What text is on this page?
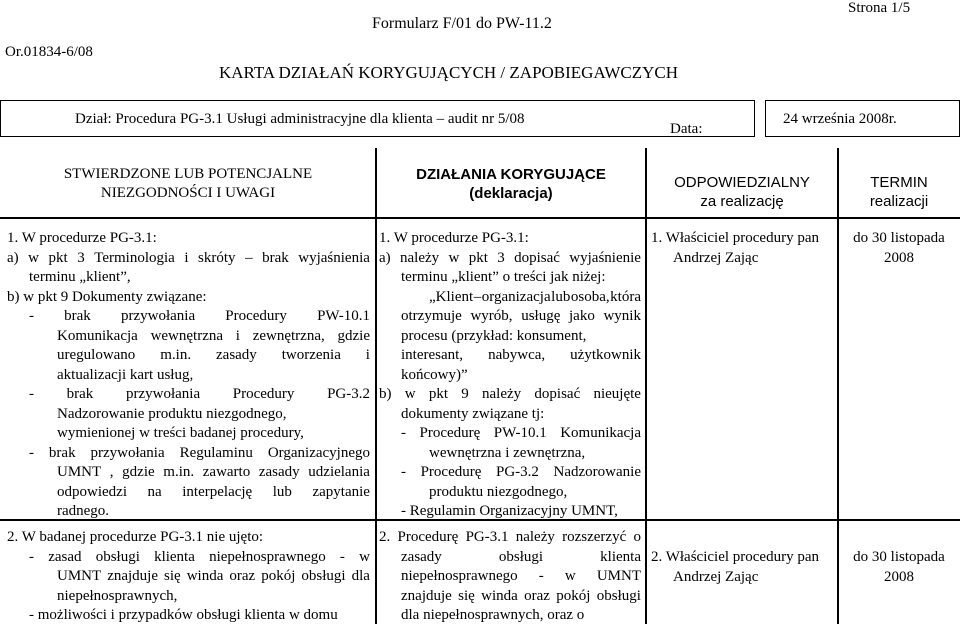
Formularz F/01 do PW-11.2
Strona 1/5
Or.01834-6/08
KARTA DZIAŁAŃ KORYGUJĄCYCH / ZAPOBIEGAWCZYCH
Dział: Procedura PG-3.1 Usługi administracyjne dla klienta – audit nr 5/08
Data:
24 września 2008r.
STWIERDZONE LUB POTENCJALNE
NIEZGODNOŚCI I UWAGI
DZIAŁANIA KORYGUJĄCE
(deklaracja)
ODPOWIEDZIALNY
za realizację
TERMIN
realizacji
1. W procedurze PG-3.1:
a) w pkt 3 Terminologia i skróty – brak wyjaśnienia
terminu „klient”,
b) w pkt 9 Dokumenty związane:
- brak przywołania Procedury PW-10.1
Komunikacja wewnętrzna i zewnętrzna, gdzie
uregulowano m.in. zasady tworzenia i
aktualizacji kart usług,
- brak przywołania Procedury PG-3.2
Nadzorowanie produktu niezgodnego,
wymienionej w treści badanej procedury,
- brak przywołania Regulaminu Organizacyjnego
UMNT , gdzie m.in. zawarto zasady udzielania
odpowiedzi na interpelację lub zapytanie
radnego.
1. W procedurze PG-3.1:
a) należy w pkt 3 dopisać wyjaśnienie
terminu „klient” o treści jak niżej:
„Klient – organizacja lub osoba, która
otrzymuje wyrób, usługę jako wynik
procesu (przykład: konsument,
interesant, nabywca, użytkownik
końcowy)”
b) w pkt 9 należy dopisać nieujęte
dokumenty związane tj:
- Procedurę PW-10.1 Komunikacja
wewnętrzna i zewnętrzna,
- Procedurę PG-3.2 Nadzorowanie
produktu niezgodnego,
- Regulamin Organizacyjny UMNT,
1. Właściciel procedury pan
Andrzej Zając
do 30 listopada
2008
2. W badanej procedurze PG-3.1 nie ujęto:
- zasad obsługi klienta niepełnosprawnego - w
UMNT znajduje się winda oraz pokój obsługi dla
niepełnosprawnych,
- możliwości i przypadków obsługi klienta w domu
2. Procedurę PG-3.1 należy rozszerzyć o
zasady	obsługi	klienta
niepełnosprawnego - w UMNT
znajduje się winda oraz pokój obsługi
dla niepełnosprawnych, oraz o
2. Właściciel procedury pan
Andrzej Zając
do 30 listopada
2008
